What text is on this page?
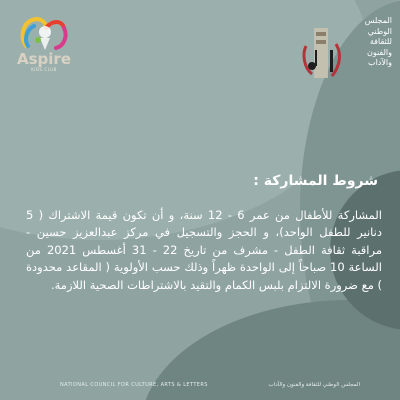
Aspire
KIDS CLUB
المجلس الوطني للثقافة والفنون والآداب
شروط المشاركة :
المشاركة للأطفال من عمر 6 - 12 سنة، و أن تكون قيمة الاشتراك ( 5 دنانير للطفل الواحد)، و الحجز والتسجيل في مركز عبدالعزيز حسين - مراقبة ثقافة الطفل - مشرف من تاريخ 22 - 31 أغسطس 2021 من الساعة 10 صباحاً إلى الواحدة ظهراً وذلك حسب الأولوية ( المقاعد محدودة ) مع ضرورة الالتزام بلبس الكمام والتقيد بالاشتراطات الصحية اللازمة.
NATIONAL COUNCIL FOR CULTURE, ARTS & LETTERS	المجلس الوطني للثقافة والفنون والآداب
